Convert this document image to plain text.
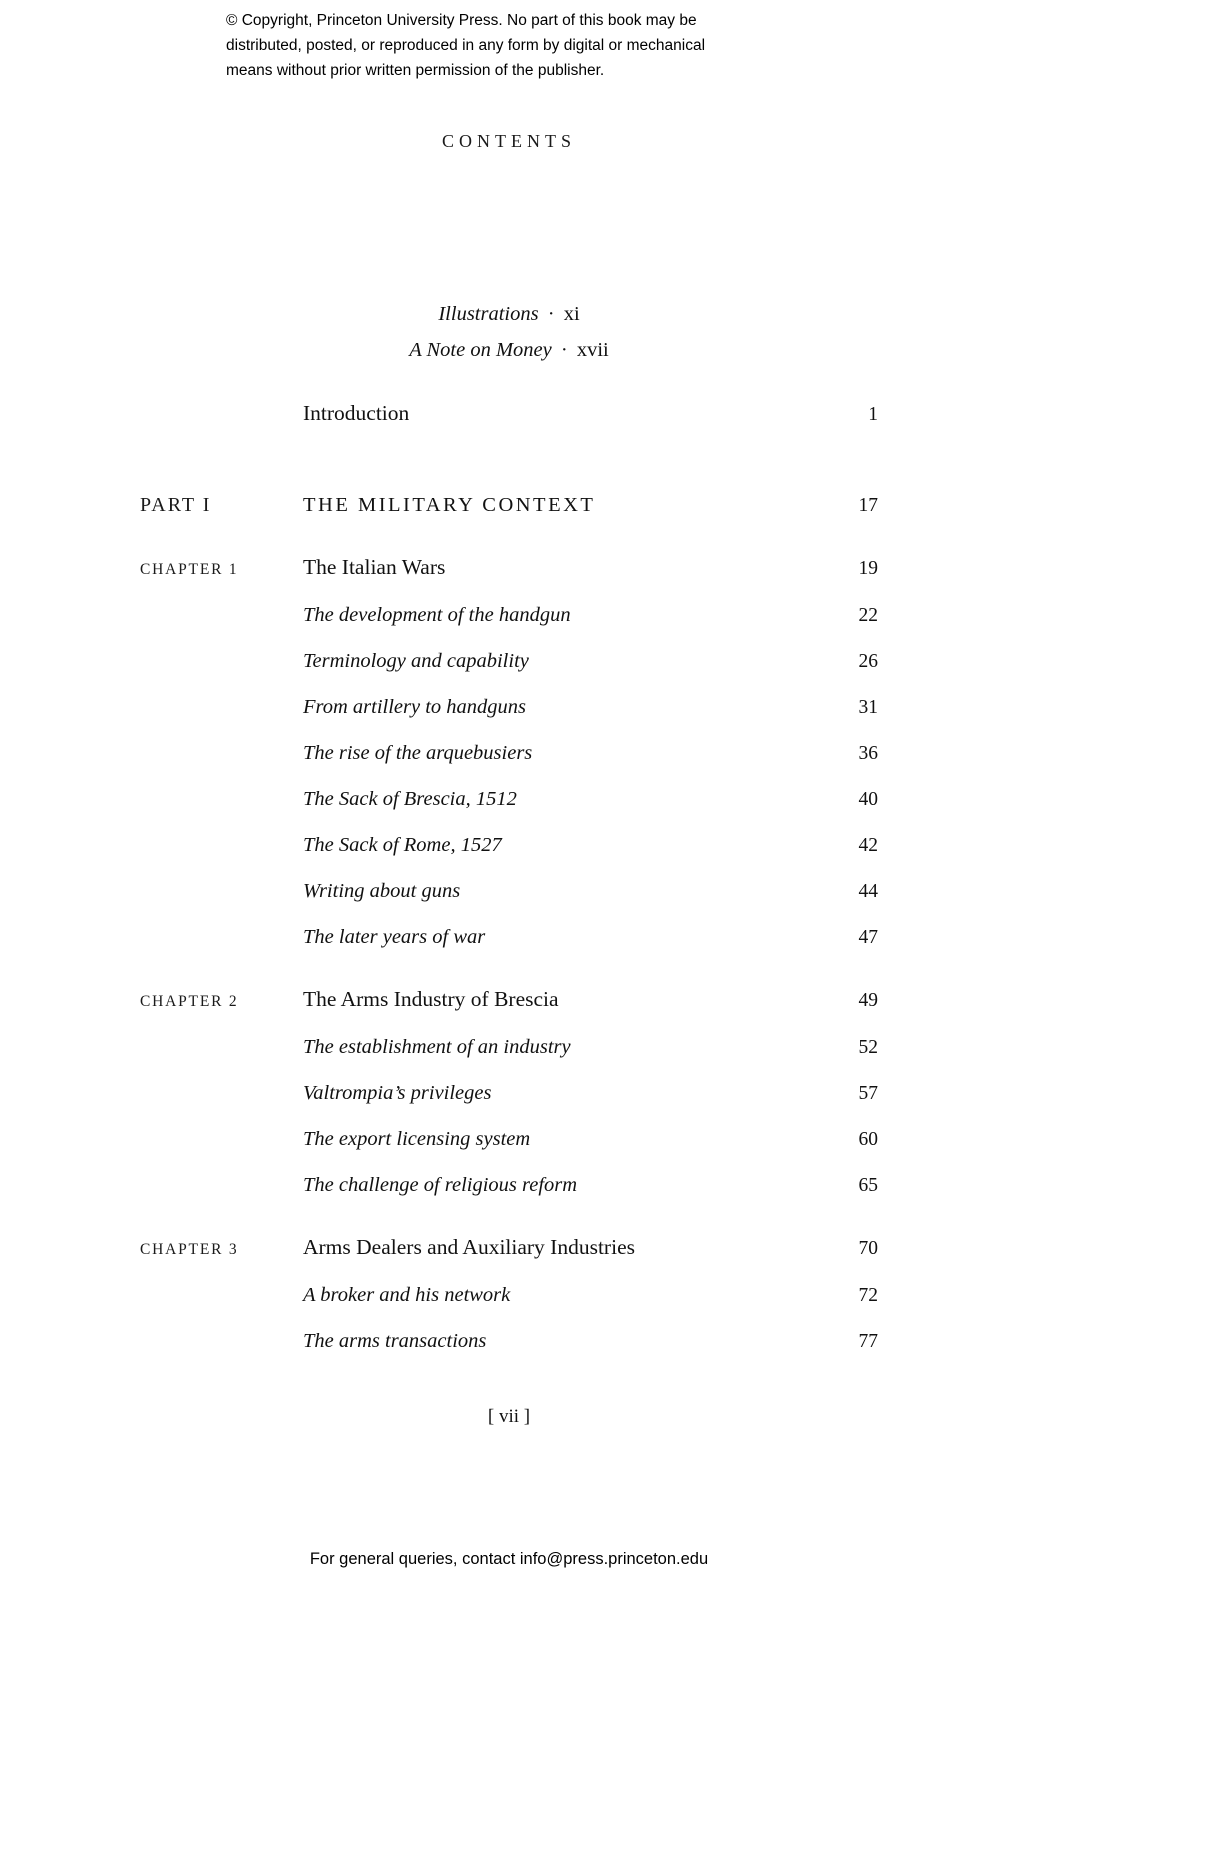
© Copyright, Princeton University Press. No part of this book may be
distributed, posted, or reproduced in any form by digital or mechanical
means without prior written permission of the publisher.
CONTENTS
Illustrations · xi
A Note on Money · xvii
Introduction	1
PART I	THE MILITARY CONTEXT	17
CHAPTER 1	The Italian Wars	19
The development of the handgun	22
Terminology and capability	26
From artillery to handguns	31
The rise of the arquebusiers	36
The Sack of Brescia, 1512	40
The Sack of Rome, 1527	42
Writing about guns	44
The later years of war	47
CHAPTER 2	The Arms Industry of Brescia	49
The establishment of an industry	52
Valtrompia’s privileges	57
The export licensing system	60
The challenge of religious reform	65
CHAPTER 3	Arms Dealers and Auxiliary Industries	70
A broker and his network	72
The arms transactions	77
[ vii ]
For general queries, contact info@press.princeton.edu
